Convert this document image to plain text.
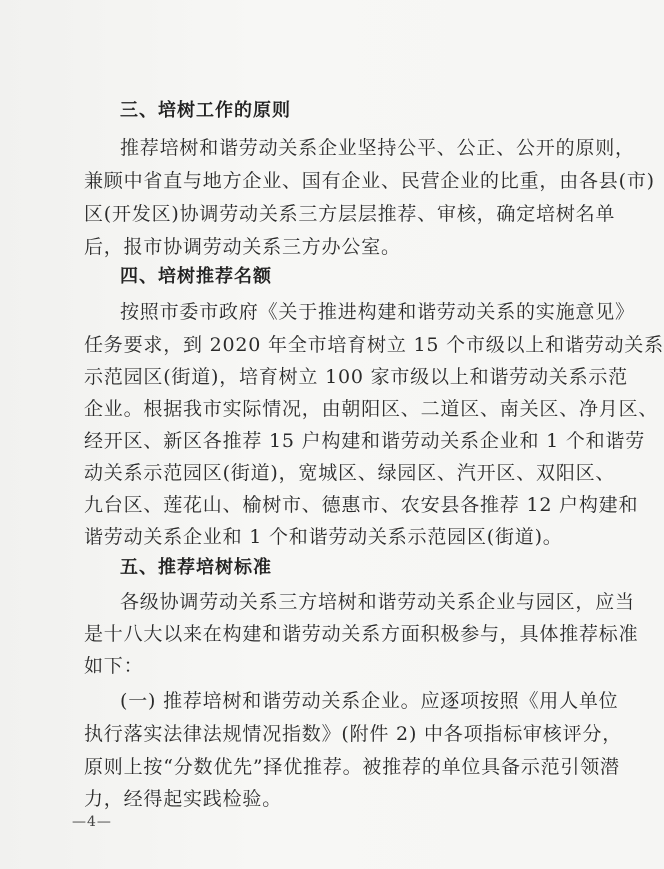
三、培树工作的原则
推荐培树和谐劳动关系企业坚持公平、公正、公开的原则，
兼顾中省直与地方企业、国有企业、民营企业的比重，由各县(市)
区(开发区)协调劳动关系三方层层推荐、审核，确定培树名单
后，报市协调劳动关系三方办公室。
四、培树推荐名额
按照市委市政府《关于推进构建和谐劳动关系的实施意见》
任务要求，到 2020 年全市培育树立 15 个市级以上和谐劳动关系
示范园区(街道)，培育树立 100 家市级以上和谐劳动关系示范
企业。根据我市实际情况，由朝阳区、二道区、南关区、净月区、
经开区、新区各推荐 15 户构建和谐劳动关系企业和 1 个和谐劳
动关系示范园区(街道)，宽城区、绿园区、汽开区、双阳区、
九台区、莲花山、榆树市、德惠市、农安县各推荐 12 户构建和
谐劳动关系企业和 1 个和谐劳动关系示范园区(街道)。
五、推荐培树标准
各级协调劳动关系三方培树和谐劳动关系企业与园区，应当
是十八大以来在构建和谐劳动关系方面积极参与，具体推荐标准
如下：
(一) 推荐培树和谐劳动关系企业。应逐项按照《用人单位
执行落实法律法规情况指数》(附件 2) 中各项指标审核评分，
原则上按“分数优先”择优推荐。被推荐的单位具备示范引领潜
力，经得起实践检验。
—4—
